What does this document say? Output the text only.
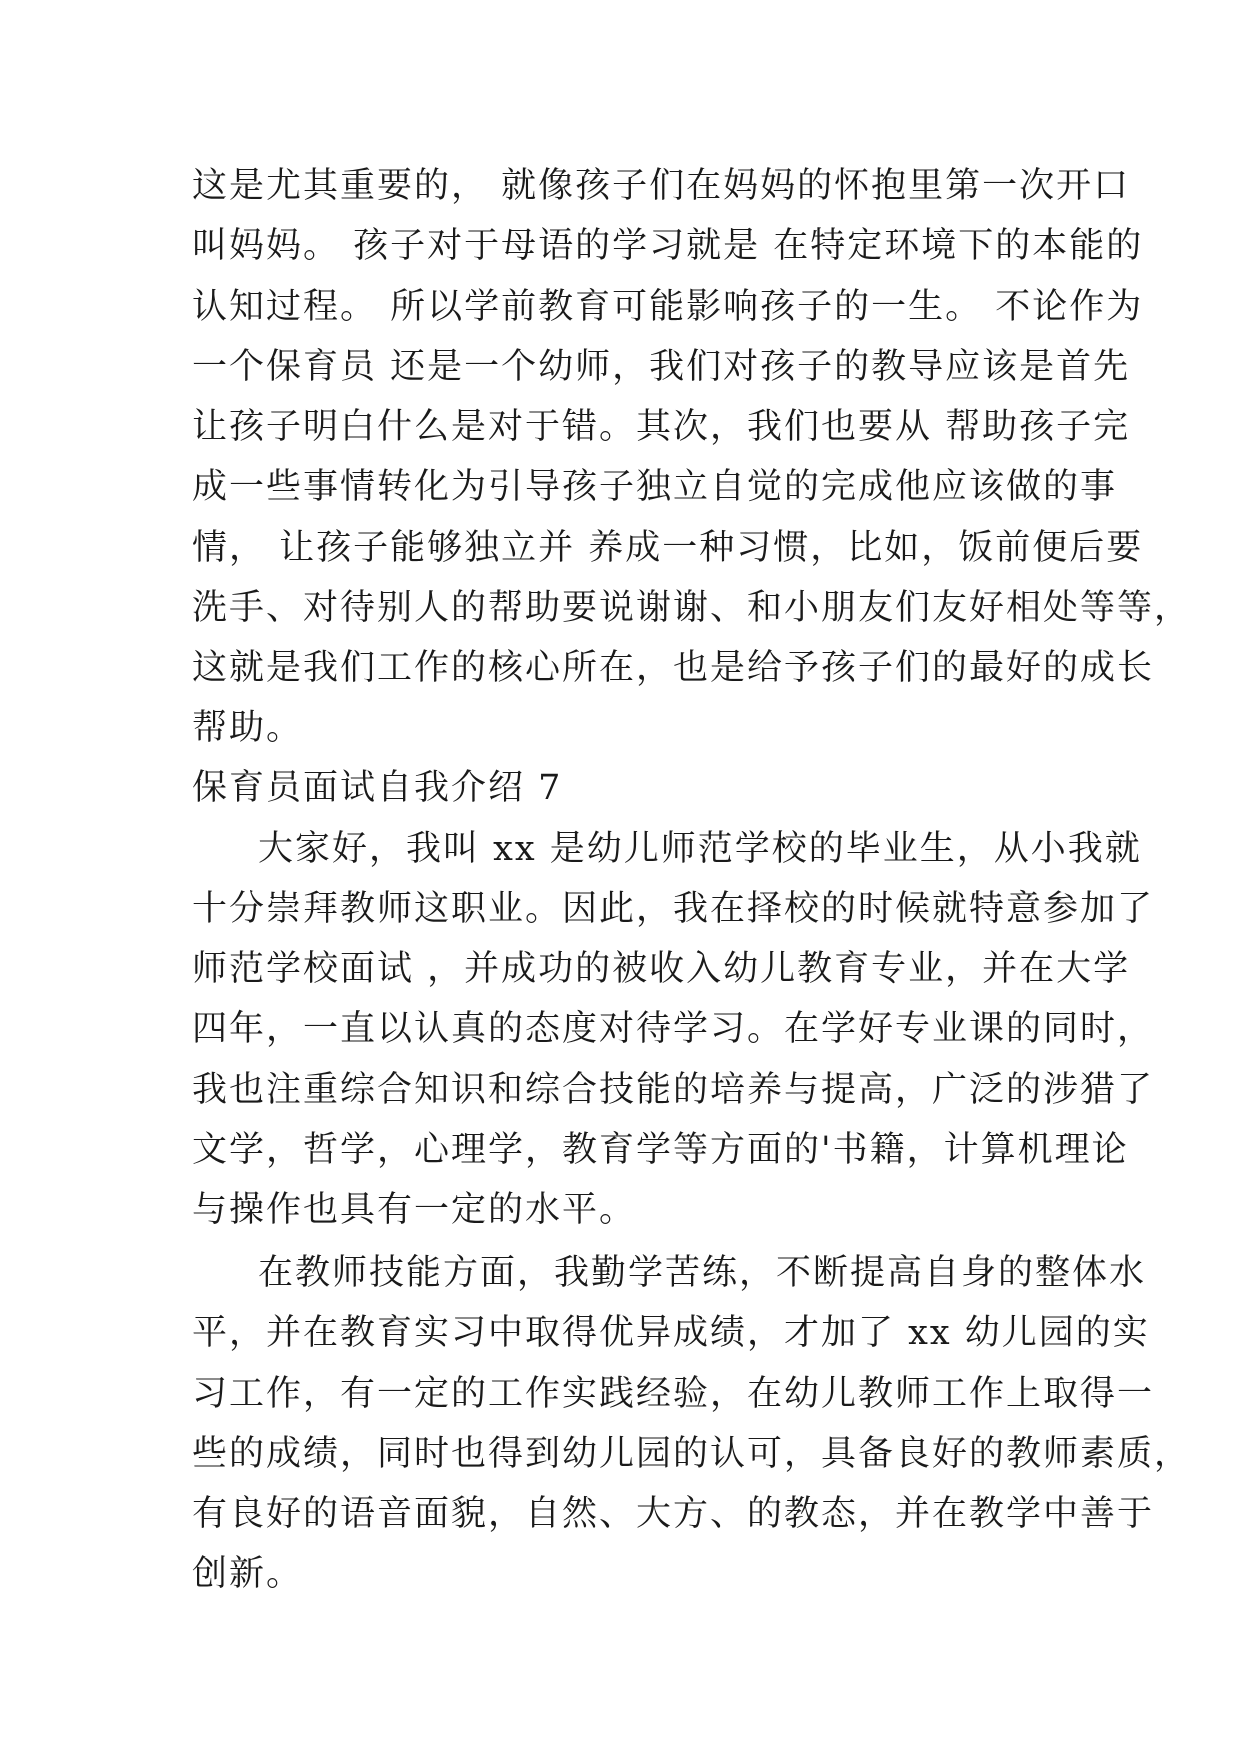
这是尤其重要的， 就像孩子们在妈妈的怀抱里第一次开口
叫妈妈。 孩子对于母语的学习就是 在特定环境下的本能的
认知过程。 所以学前教育可能影响孩子的一生。 不论作为
一个保育员 还是一个幼师，我们对孩子的教导应该是首先
让孩子明白什么是对于错。其次，我们也要从 帮助孩子完
成一些事情转化为引导孩子独立自觉的完成他应该做的事
情， 让孩子能够独立并 养成一种习惯，比如，饭前便后要
洗手、对待别人的帮助要说谢谢、和小朋友们友好相处等等，
这就是我们工作的核心所在，也是给予孩子们的最好的成长
帮助。
保育员面试自我介绍 7
大家好，我叫 xx 是幼儿师范学校的毕业生，从小我就
十分崇拜教师这职业。因此，我在择校的时候就特意参加了
师范学校面试 ，并成功的被收入幼儿教育专业，并在大学
四年，一直以认真的态度对待学习。在学好专业课的同时，
我也注重综合知识和综合技能的培养与提高，广泛的涉猎了
文学，哲学，心理学，教育学等方面的'书籍，计算机理论
与操作也具有一定的水平。
在教师技能方面，我勤学苦练，不断提高自身的整体水
平，并在教育实习中取得优异成绩，才加了 xx 幼儿园的实
习工作，有一定的工作实践经验，在幼儿教师工作上取得一
些的成绩，同时也得到幼儿园的认可，具备良好的教师素质，
有良好的语音面貌，自然、大方、的教态，并在教学中善于
创新。
